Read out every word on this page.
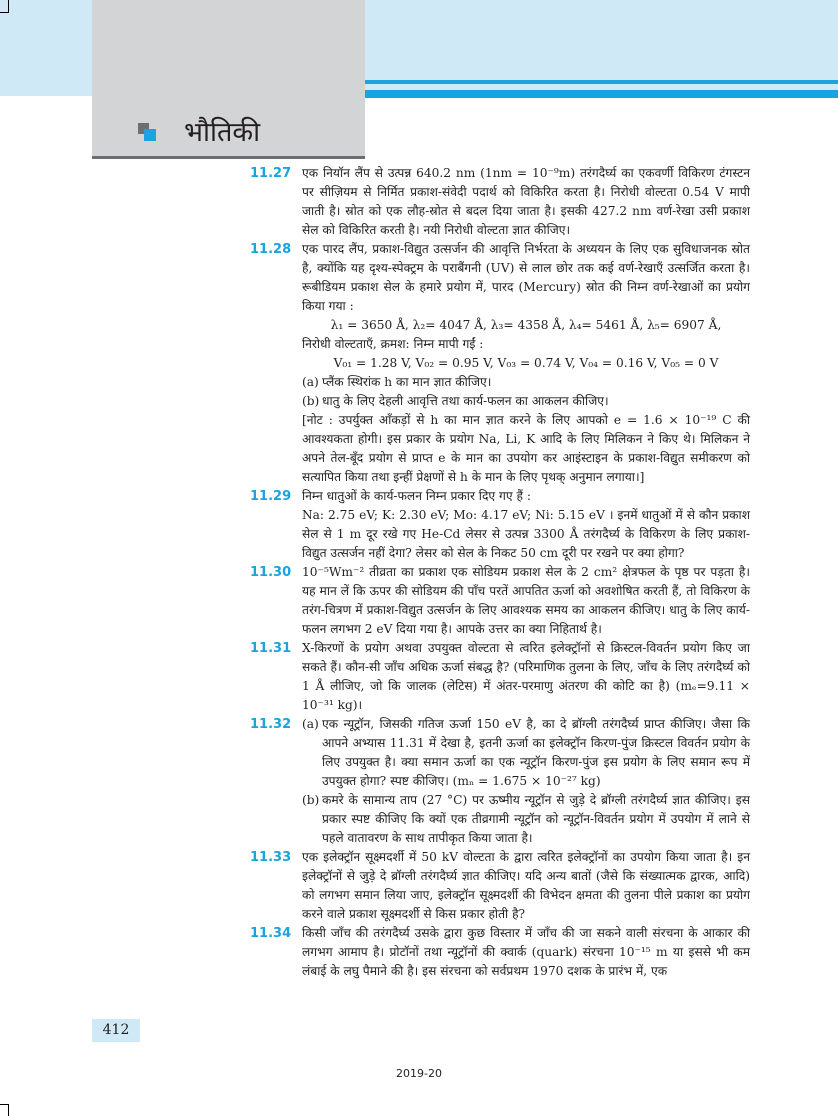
भौतिकी
11.27 एक नियॉन लैंप से उत्पन्न 640.2 nm (1nm = 10⁻⁹m) तरंगदैर्घ्य का एकवर्णी विकिरण टंगस्टन पर सीज़ियम से निर्मित प्रकाश-संवेदी पदार्थ को विकिरित करता है। निरोधी वोल्टता 0.54 V मापी जाती है। स्रोत को एक लौह-स्रोत से बदल दिया जाता है। इसकी 427.2 nm वर्ण-रेखा उसी प्रकाश सेल को विकिरित करती है। नयी निरोधी वोल्टता ज्ञात कीजिए।

11.28 एक पारद लैंप, प्रकाश-विद्युत उत्सर्जन की आवृत्ति निर्भरता के अध्ययन के लिए एक सुविधाजनक स्रोत है, क्योंकि यह दृश्य-स्पेक्ट्रम के पराबैंगनी (UV) से लाल छोर तक कई वर्ण-रेखाएँ उत्सर्जित करता है। रूबीडियम प्रकाश सेल के हमारे प्रयोग में, पारद (Mercury) स्रोत की निम्न वर्ण-रेखाओं का प्रयोग किया गया :

λ₁ = 3650 Å, λ₂= 4047 Å, λ₃= 4358 Å, λ₄= 5461 Å, λ₅= 6907 Å,

निरोधी वोल्टताएँ, क्रमश: निम्न मापी गईं :

V₀₁ = 1.28 V, V₀₂ = 0.95 V, V₀₃ = 0.74 V, V₀₄ = 0.16 V, V₀₅ = 0 V

(a) प्लैंक स्थिरांक h का मान ज्ञात कीजिए।
(b) धातु के लिए देहली आवृत्ति तथा कार्य-फलन का आकलन कीजिए।

[नोट : उपर्युक्त आँकड़ों से h का मान ज्ञात करने के लिए आपको e = 1.6 × 10⁻¹⁹ C की आवश्यकता होगी। इस प्रकार के प्रयोग Na, Li, K आदि के लिए मिलिकन ने किए थे। मिलिकन ने अपने तेल-बूँद प्रयोग से प्राप्त e के मान का उपयोग कर आइंस्टाइन के प्रकाश-विद्युत समीकरण को सत्यापित किया तथा इन्हीं प्रेक्षणों से h के मान के लिए पृथक् अनुमान लगाया।]

11.29 निम्न धातुओं के कार्य-फलन निम्न प्रकार दिए गए हैं :

Na: 2.75 eV; K: 2.30 eV; Mo: 4.17 eV; Ni: 5.15 eV । इनमें धातुओं में से कौन प्रकाश सेल से 1 m दूर रखे गए He-Cd लेसर से उत्पन्न 3300 Å तरंगदैर्घ्य के विकिरण के लिए प्रकाश-विद्युत उत्सर्जन नहीं देगा? लेसर को सेल के निकट 50 cm दूरी पर रखने पर क्या होगा?

11.30 10⁻⁵Wm⁻² तीव्रता का प्रकाश एक सोडियम प्रकाश सेल के 2 cm² क्षेत्रफल के पृष्ठ पर पड़ता है। यह मान लें कि ऊपर की सोडियम की पाँच परतें आपतित ऊर्जा को अवशोषित करती हैं, तो विकिरण के तरंग-चित्रण में प्रकाश-विद्युत उत्सर्जन के लिए आवश्यक समय का आकलन कीजिए। धातु के लिए कार्य-फलन लगभग 2 eV दिया गया है। आपके उत्तर का क्या निहितार्थ है।

11.31 X-किरणों के प्रयोग अथवा उपयुक्त वोल्टता से त्वरित इलेक्ट्रॉनों से क्रिस्टल-विवर्तन प्रयोग किए जा सकते हैं। कौन-सी जाँच अधिक ऊर्जा संबद्ध है? (परिमाणिक तुलना के लिए, जाँच के लिए तरंगदैर्घ्य को 1 Å लीजिए, जो कि जालक (लेटिस) में अंतर-परमाणु अंतरण की कोटि का है) (mₑ=9.11 × 10⁻³¹ kg)।

11.32 (a) एक न्यूट्रॉन, जिसकी गतिज ऊर्जा 150 eV है, का दे ब्रॉग्ली तरंगदैर्घ्य प्राप्त कीजिए। जैसा कि आपने अभ्यास 11.31 में देखा है, इतनी ऊर्जा का इलेक्ट्रॉन किरण-पुंज क्रिस्टल विवर्तन प्रयोग के लिए उपयुक्त है। क्या समान ऊर्जा का एक न्यूट्रॉन किरण-पुंज इस प्रयोग के लिए समान रूप में उपयुक्त होगा? स्पष्ट कीजिए। (mₙ = 1.675 × 10⁻²⁷ kg)
(b) कमरे के सामान्य ताप (27 °C) पर ऊष्मीय न्यूट्रॉन से जुड़े दे ब्रॉग्ली तरंगदैर्घ्य ज्ञात कीजिए। इस प्रकार स्पष्ट कीजिए कि क्यों एक तीव्रगामी न्यूट्रॉन को न्यूट्रॉन-विवर्तन प्रयोग में उपयोग में लाने से पहले वातावरण के साथ तापीकृत किया जाता है।
11.33 एक इलेक्ट्रॉन सूक्ष्मदर्शी में 50 kV वोल्टता के द्वारा त्वरित इलेक्ट्रॉनों का उपयोग किया जाता है। इन इलेक्ट्रॉनों से जुड़े दे ब्रॉग्ली तरंगदैर्घ्य ज्ञात कीजिए। यदि अन्य बातों (जैसे कि संख्यात्मक द्वारक, आदि) को लगभग समान लिया जाए, इलेक्ट्रॉन सूक्ष्मदर्शी की विभेदन क्षमता की तुलना पीले प्रकाश का प्रयोग करने वाले प्रकाश सूक्ष्मदर्शी से किस प्रकार होती है?

11.34 किसी जाँच की तरंगदैर्घ्य उसके द्वारा कुछ विस्तार में जाँच की जा सकने वाली संरचना के आकार की लगभग आमाप है। प्रोटॉनों तथा न्यूट्रॉनों की क्वार्क (quark) संरचना 10⁻¹⁵ m या इससे भी कम लंबाई के लघु पैमाने की है। इस संरचना को सर्वप्रथम 1970 दशक के प्रारंभ में, एक

412
2019-20
